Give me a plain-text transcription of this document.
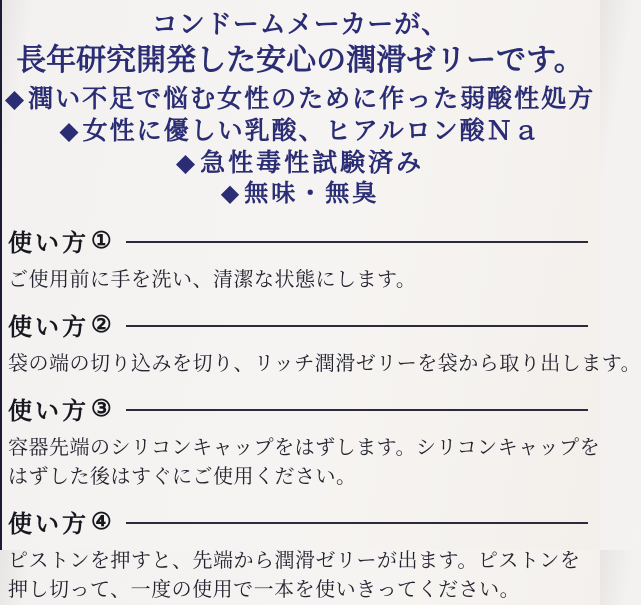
コンドームメーカーが、
長年研究開発した安心の潤滑ゼリーです。
◆潤い不足で悩む女性のために作った弱酸性処方
◆女性に優しい乳酸、ヒアルロン酸Ｎａ
◆急性毒性試験済み
◆無味・無臭
使い方 ①
ご使用前に手を洗い、清潔な状態にします。
使い方 ②
袋の端の切り込みを切り、リッチ潤滑ゼリーを袋から取り出します。
使い方 ③
容器先端のシリコンキャップをはずします。シリコンキャップを
はずした後はすぐにご使用ください。
使い方 ④
ピストンを押すと、先端から潤滑ゼリーが出ます。ピストンを
押し切って、一度の使用で一本を使いきってください。
